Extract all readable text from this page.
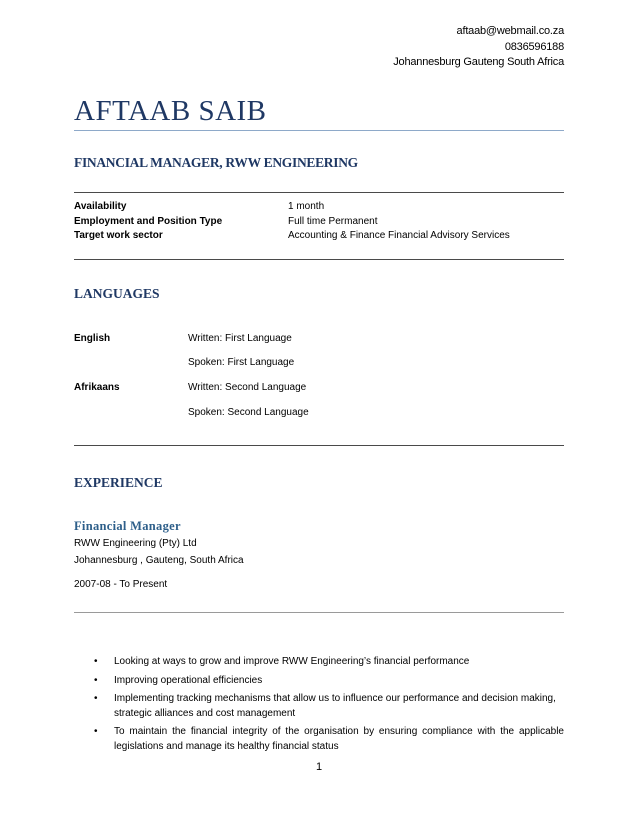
aftaab@webmail.co.za
0836596188
Johannesburg Gauteng South Africa
AFTAAB SAIB
FINANCIAL MANAGER, RWW ENGINEERING
Availability	1 month
Employment and Position Type	Full time Permanent
Target work sector	Accounting & Finance Financial Advisory Services
LANGUAGES
English	Written: First Language
Spoken: First Language
Afrikaans	Written: Second Language
Spoken: Second Language
EXPERIENCE
Financial Manager
RWW Engineering (Pty) Ltd
Johannesburg , Gauteng, South Africa
2007-08 - To Present
• Looking at ways to grow and improve RWW Engineering’s financial performance
• Improving operational efficiencies
• Implementing tracking mechanisms that allow us to influence our performance and decision making, strategic alliances and cost management
• To maintain the financial integrity of the organisation by ensuring compliance with the applicable legislations and manage its healthy financial status
1
